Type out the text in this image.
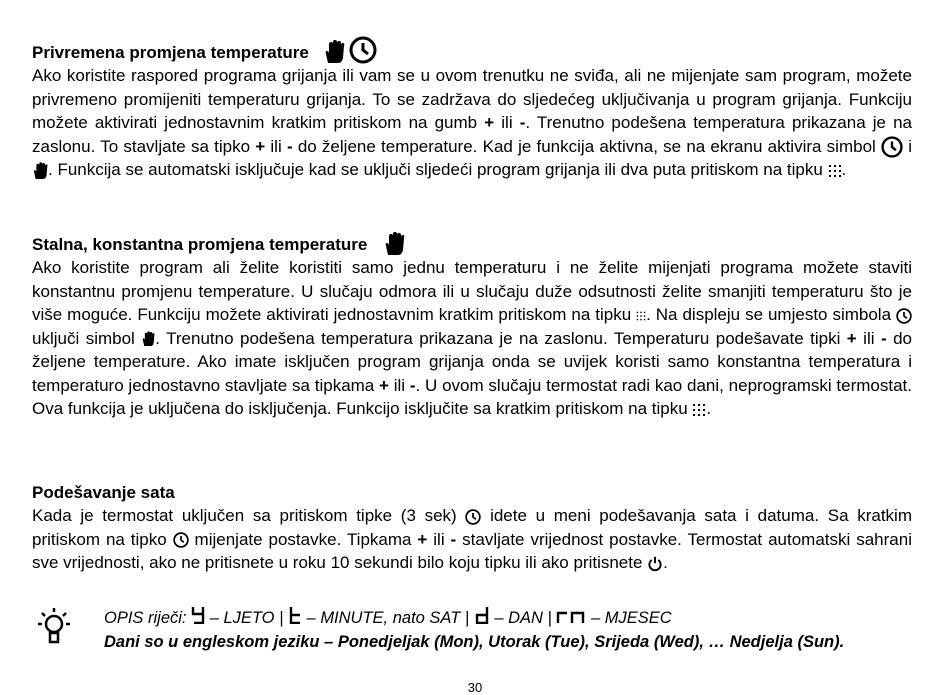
Privremena promjena temperature
Ako koristite raspored programa grijanja ili vam se u ovom trenutku ne sviđa, ali ne mijenjate sam program, možete privremeno promijeniti temperaturu grijanja. To se zadržava do sljedećeg uključivanja u program grijanja. Funkciju možete aktivirati jednostavnim kratkim pritiskom na gumb + ili -. Trenutno podešena temperatura prikazana je na zaslonu. To stavljate sa tipko + ili - do željene temperature. Kad je funkcija aktivna, se na ekranu aktivira simbol
i
. Funkcija se automatski isključuje kad se uključi sljedeći program grijanja ili dva puta pritiskom na tipku
.
Stalna, konstantna promjena temperature
Ako koristite program ali želite koristiti samo jednu temperaturu i ne želite mijenjati programa možete staviti konstantnu promjenu temperature. U slučaju odmora ili u slučaju duže odsutnosti želite smanjiti temperaturu što je više moguće. Funkciju možete aktivirati jednostavnim kratkim pritiskom na tipku
. Na displeju se umjesto simbola
uključi simbol
. Trenutno podešena temperatura prikazana je na zaslonu. Temperaturu podešavate tipki + ili - do željene temperature. Ako imate isključen program grijanja onda se uvijek koristi samo konstantna temperatura i temperaturo jednostavno stavljate sa tipkama + ili -. U ovom slučaju termostat radi kao dani, neprogramski termostat. Ova funkcija je uključena do isključenja. Funkcijo isključite sa kratkim pritiskom na tipku
.
Podešavanje sata
Kada je termostat uključen sa pritiskom tipke (3 sek)
idete u meni podešavanja sata i datuma. Sa kratkim pritiskom na tipko
mijenjate postavke. Tipkama + ili - stavljate vrijednost postavke. Termostat automatski sahrani sve vrijednosti, ako ne pritisnete u roku 10 sekundi bilo koju tipku ili ako pritisnete
.
OPIS riječi:  – LJETO |  – MINUTE, nato SAT |  – DAN |  – MJESEC
Dani so u engleskom jeziku – Ponedjeljak (Mon), Utorak (Tue), Srijeda (Wed), … Nedjelja (Sun).
30
